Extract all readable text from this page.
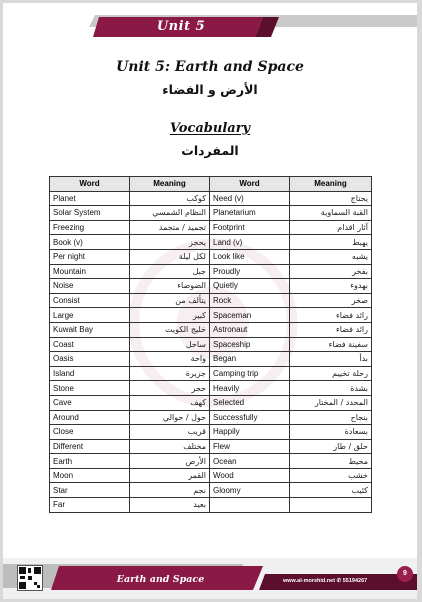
Unit 5
Unit 5: Earth and Space
الأرض و الفضاء
Vocabulary
المفردات
Word	Meaning	Word	Meaning
Planet	كوكب	Need (v)	يحتاج
Solar System	النظام الشمسي	Planetarium	القبة السماوية
Freezing	تجميد / متجمد	Footprint	آثار اقدام
Book (v)	يحجز	Land (v)	يهبط
Per night	لكل ليلة	Look like	يشبه
Mountain	جبل	Proudly	بفخر
Noise	الضوضاء	Quietly	بهدوء
Consist	يتألف من	Rock	صخر
Large	كبير	Spaceman	رائد فضاء
Kuwait Bay	خليج الكويت	Astronaut	رائد فضاء
Coast	ساحل	Spaceship	سفينة فضاء
Oasis	واحة	Began	بدأ
Island	جزيرة	Camping trip	رحلة تخييم
Stone	حجر	Heavily	بشدة
Cave	كهف	Selected	المحدد / المختار
Around	حول / حوالي	Successfully	بنجاح
Close	قريب	Happily	بسعادة
Different	مختلف	Flew	حلق / طار
Earth	الأرض	Ocean	محيط
Moon	القمر	Wood	خشب
Star	نجم	Gloomy	كئيب
Far	بعيد		
Earth and Space	www.al-morshid.net ✆ 55194267
9
